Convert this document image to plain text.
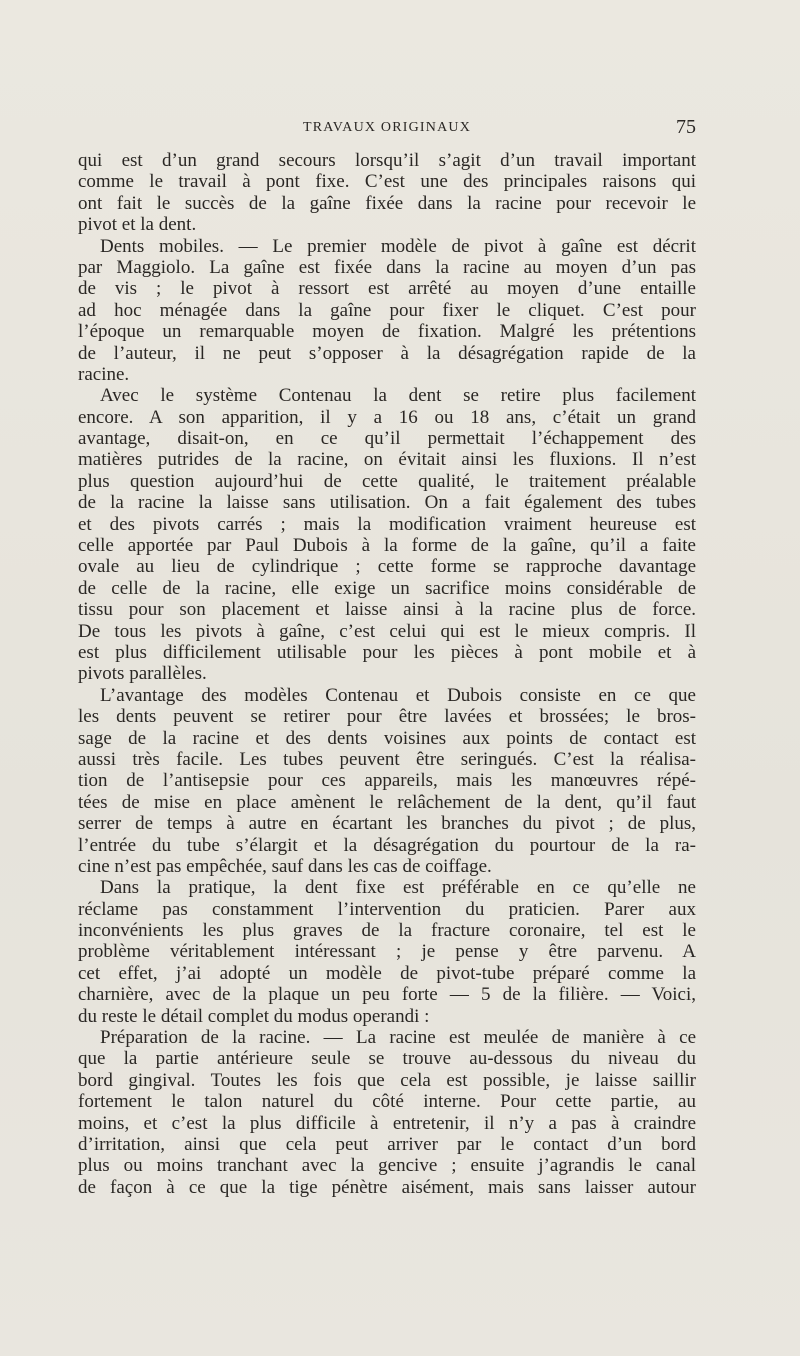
TRAVAUX ORIGINAUX	75
qui est d’un grand secours lorsqu’il s’agit d’un travail important
comme le travail à pont fixe. C’est une des principales raisons qui
ont fait le succès de la gaîne fixée dans la racine pour recevoir le
pivot et la dent.
Dents mobiles. — Le premier modèle de pivot à gaîne est décrit
par Maggiolo. La gaîne est fixée dans la racine au moyen d’un pas
de vis ; le pivot à ressort est arrêté au moyen d’une entaille
ad hoc ménagée dans la gaîne pour fixer le cliquet. C’est pour
l’époque un remarquable moyen de fixation. Malgré les prétentions
de l’auteur, il ne peut s’opposer à la désagrégation rapide de la
racine.
Avec le système Contenau la dent se retire plus facilement
encore. A son apparition, il y a 16 ou 18 ans, c’était un grand
avantage, disait-on, en ce qu’il permettait l’échappement des
matières putrides de la racine, on évitait ainsi les fluxions. Il n’est
plus question aujourd’hui de cette qualité, le traitement préalable
de la racine la laisse sans utilisation. On a fait également des tubes
et des pivots carrés ; mais la modification vraiment heureuse est
celle apportée par Paul Dubois à la forme de la gaîne, qu’il a faite
ovale au lieu de cylindrique ; cette forme se rapproche davantage
de celle de la racine, elle exige un sacrifice moins considérable de
tissu pour son placement et laisse ainsi à la racine plus de force.
De tous les pivots à gaîne, c’est celui qui est le mieux compris. Il
est plus difficilement utilisable pour les pièces à pont mobile et à
pivots parallèles.
L’avantage des modèles Contenau et Dubois consiste en ce que
les dents peuvent se retirer pour être lavées et brossées; le bros-
sage de la racine et des dents voisines aux points de contact est
aussi très facile. Les tubes peuvent être seringués. C’est la réalisa-
tion de l’antisepsie pour ces appareils, mais les manœuvres répé-
tées de mise en place amènent le relâchement de la dent, qu’il faut
serrer de temps à autre en écartant les branches du pivot ; de plus,
l’entrée du tube s’élargit et la désagrégation du pourtour de la ra-
cine n’est pas empêchée, sauf dans les cas de coiffage.
Dans la pratique, la dent fixe est préférable en ce qu’elle ne
réclame pas constamment l’intervention du praticien. Parer aux
inconvénients les plus graves de la fracture coronaire, tel est le
problème véritablement intéressant ; je pense y être parvenu. A
cet effet, j’ai adopté un modèle de pivot-tube préparé comme la
charnière, avec de la plaque un peu forte — 5 de la filière. — Voici,
du reste le détail complet du modus operandi :
Préparation de la racine. — La racine est meulée de manière à ce
que la partie antérieure seule se trouve au-dessous du niveau du
bord gingival. Toutes les fois que cela est possible, je laisse saillir
fortement le talon naturel du côté interne. Pour cette partie, au
moins, et c’est la plus difficile à entretenir, il n’y a pas à craindre
d’irritation, ainsi que cela peut arriver par le contact d’un bord
plus ou moins tranchant avec la gencive ; ensuite j’agrandis le canal
de façon à ce que la tige pénètre aisément, mais sans laisser autour
